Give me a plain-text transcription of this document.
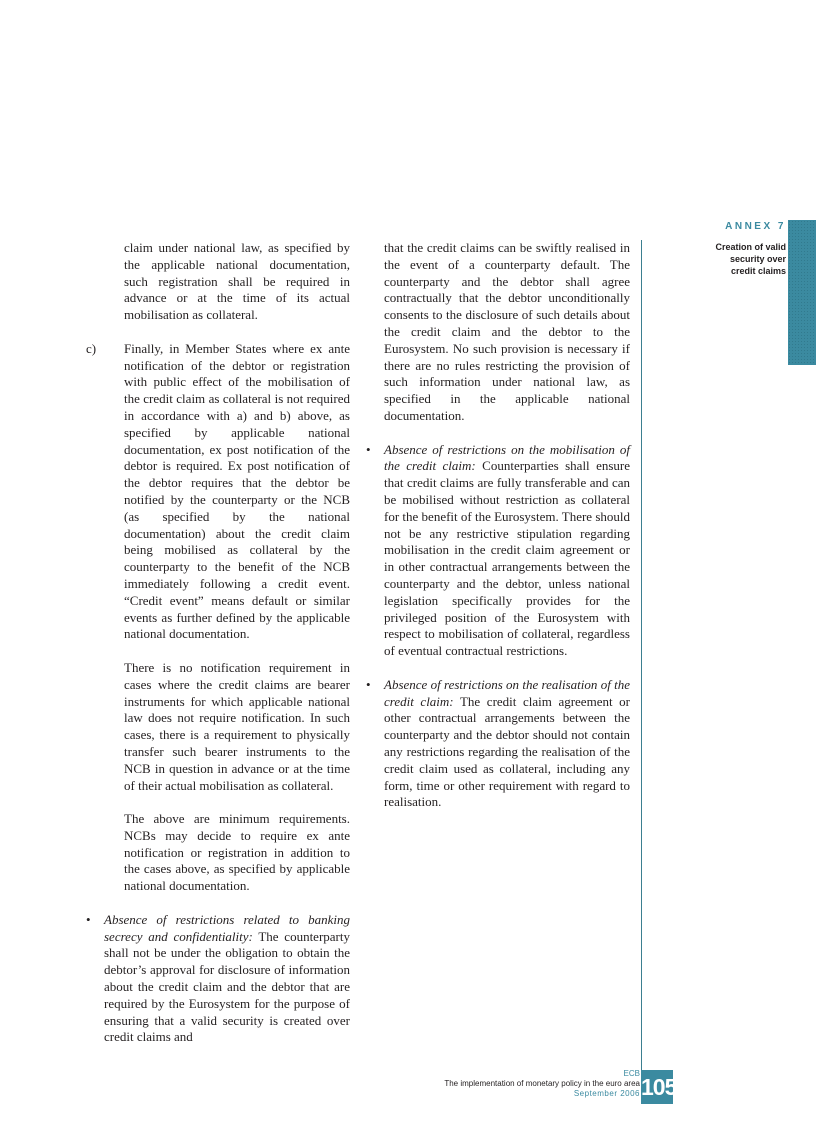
ANNEX 7
Creation of valid
security over
credit claims

claim under national law, as specified by the applicable national documentation, such registration shall be required in advance or at the time of its actual mobilisation as collateral.

c) Finally, in Member States where ex ante notification of the debtor or registration with public effect of the mobilisation of the credit claim as collateral is not required in accordance with a) and b) above, as specified by applicable national documentation, ex post notification of the debtor is required. Ex post notification of the debtor requires that the debtor be notified by the counterparty or the NCB (as specified by the national documentation) about the credit claim being mobilised as collateral by the counterparty to the benefit of the NCB immediately following a credit event. “Credit event” means default or similar events as further defined by the applicable national documentation.

There is no notification requirement in cases where the credit claims are bearer instruments for which applicable national law does not require notification. In such cases, there is a requirement to physically transfer such bearer instruments to the NCB in question in advance or at the time of their actual mobilisation as collateral.

The above are minimum requirements. NCBs may decide to require ex ante notification or registration in addition to the cases above, as specified by applicable national documentation.

• Absence of restrictions related to banking secrecy and confidentiality: The counterparty shall not be under the obligation to obtain the debtor’s approval for disclosure of information about the credit claim and the debtor that are required by the Eurosystem for the purpose of ensuring that a valid security is created over credit claims and

that the credit claims can be swiftly realised in the event of a counterparty default. The counterparty and the debtor shall agree contractually that the debtor unconditionally consents to the disclosure of such details about the credit claim and the debtor to the Eurosystem. No such provision is necessary if there are no rules restricting the provision of such information under national law, as specified in the applicable national documentation.

• Absence of restrictions on the mobilisation of the credit claim: Counterparties shall ensure that credit claims are fully transferable and can be mobilised without restriction as collateral for the benefit of the Eurosystem. There should not be any restrictive stipulation regarding mobilisation in the credit claim agreement or in other contractual arrangements between the counterparty and the debtor, unless national legislation specifically provides for the privileged position of the Eurosystem with respect to mobilisation of collateral, regardless of eventual contractual restrictions.

• Absence of restrictions on the realisation of the credit claim: The credit claim agreement or other contractual arrangements between the counterparty and the debtor should not contain any restrictions regarding the realisation of the credit claim used as collateral, including any form, time or other requirement with regard to realisation.

ECB
The implementation of monetary policy in the euro area
September 2006 105
